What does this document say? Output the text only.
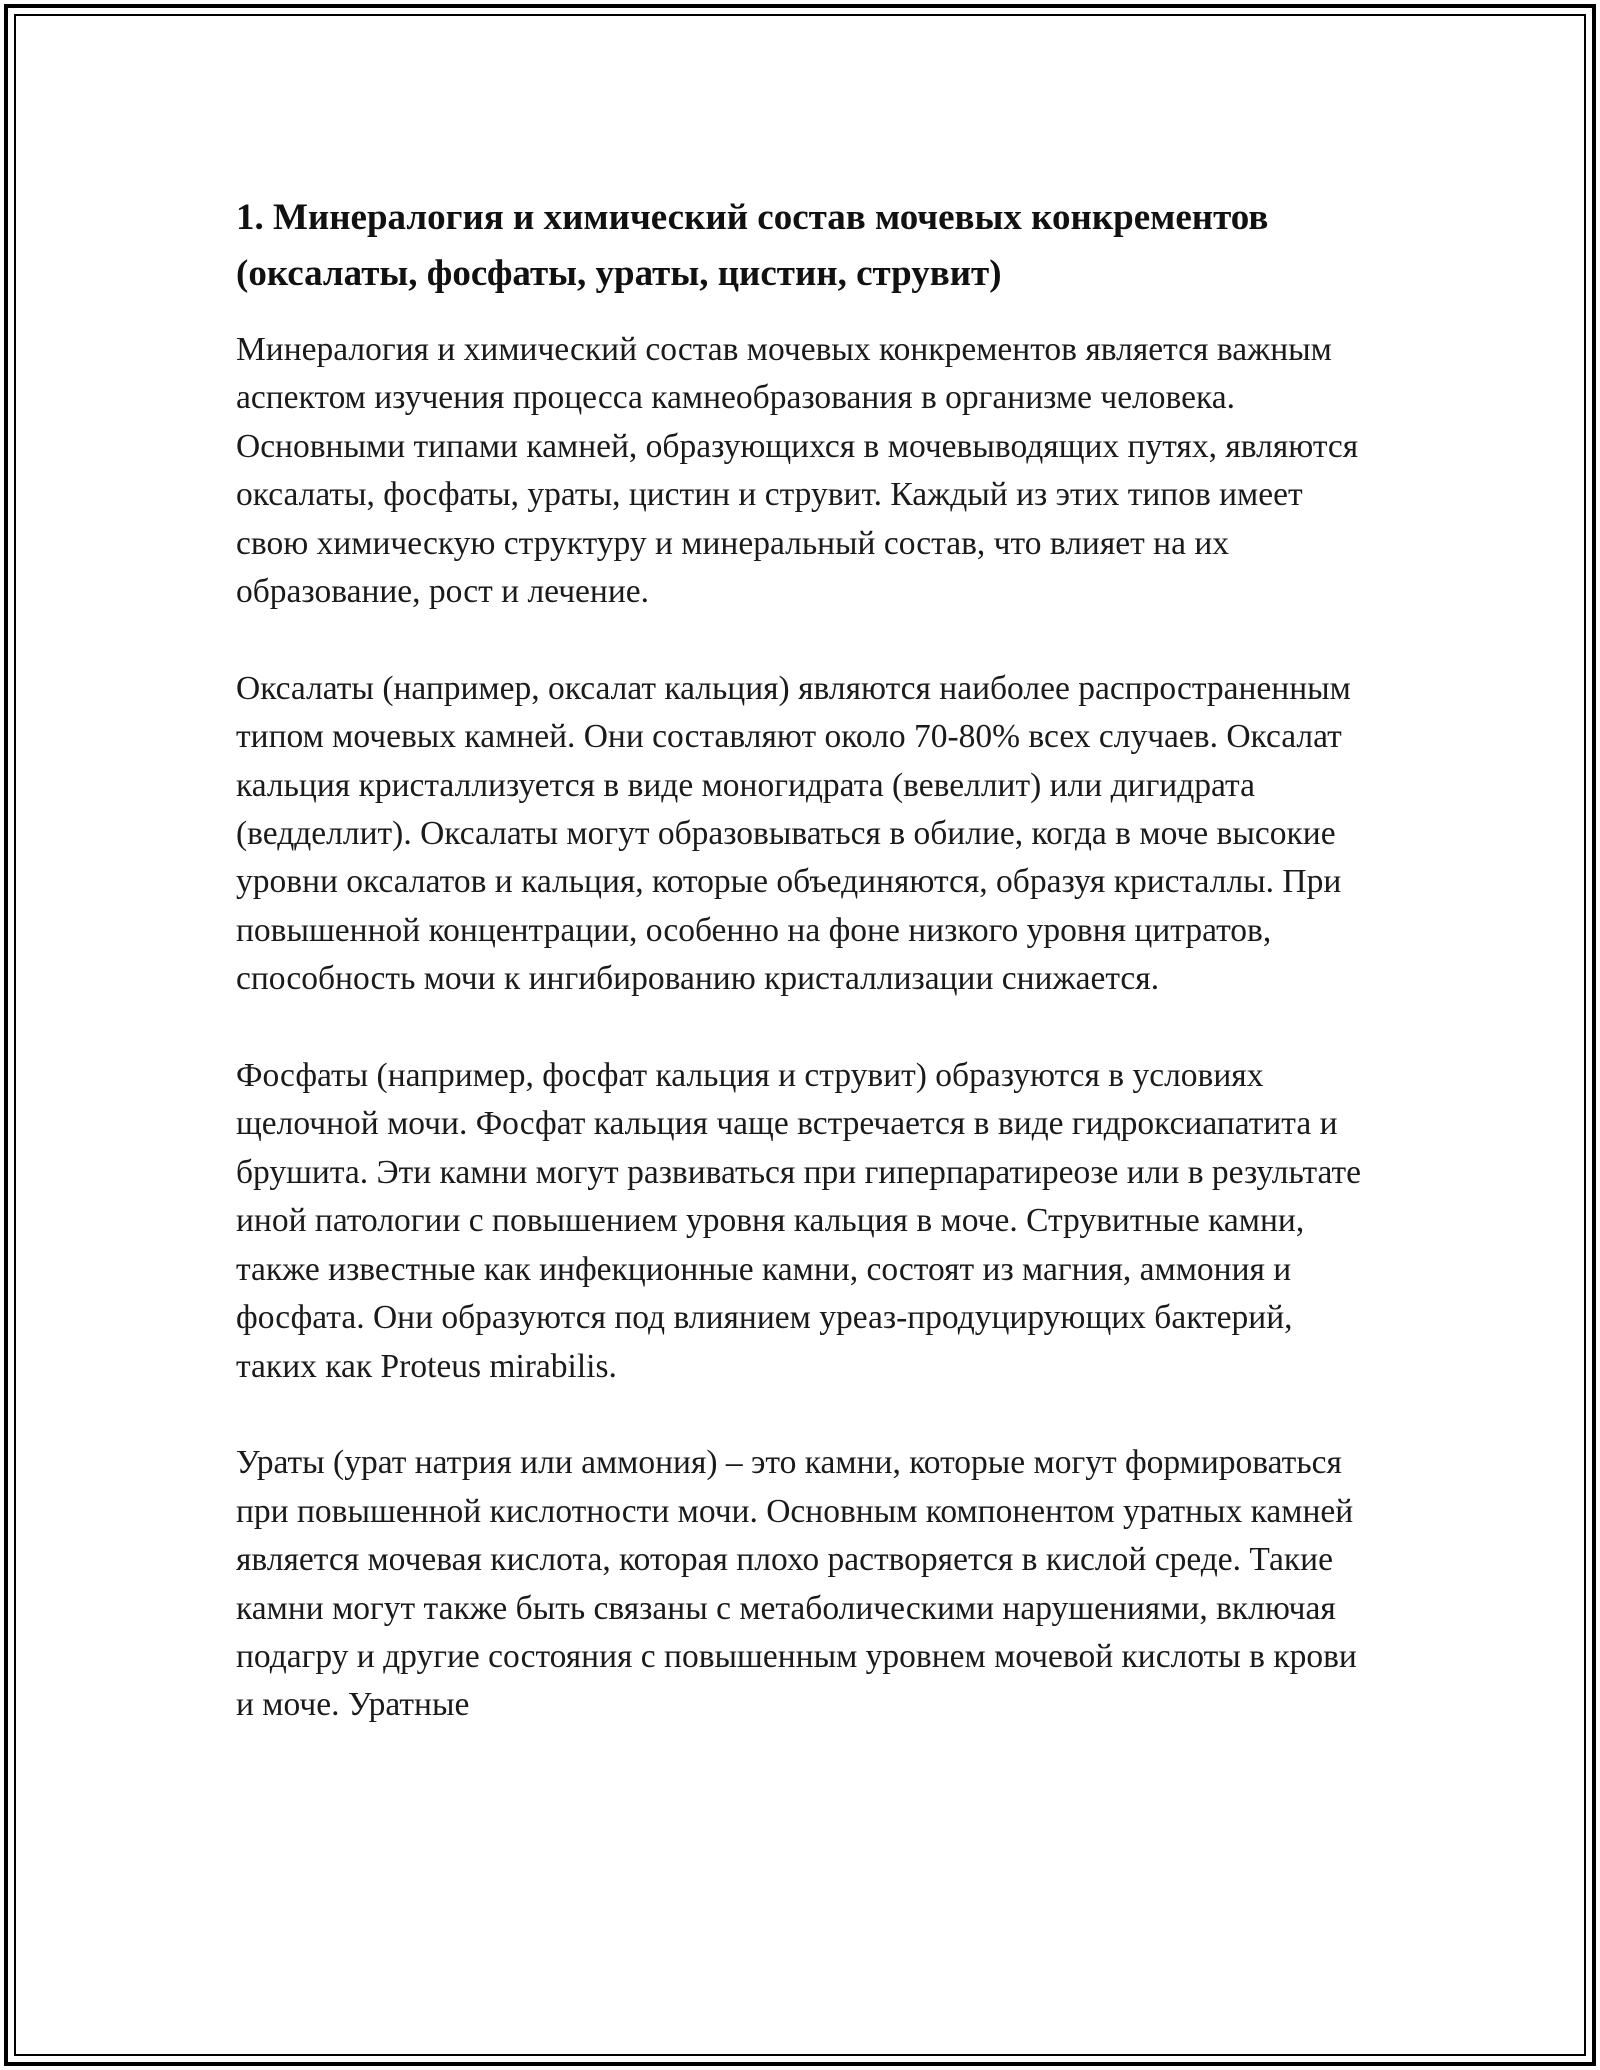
1. Минералогия и химический состав мочевых конкрементов (оксалаты, фосфаты, ураты, цистин, струвит)

Минералогия и химический состав мочевых конкрементов является важным аспектом изучения процесса камнеобразования в организме человека. Основными типами камней, образующихся в мочевыводящих путях, являются оксалаты, фосфаты, ураты, цистин и струвит. Каждый из этих типов имеет свою химическую структуру и минеральный состав, что влияет на их образование, рост и лечение.

Оксалаты (например, оксалат кальция) являются наиболее распространенным типом мочевых камней. Они составляют около 70-80% всех случаев. Оксалат кальция кристаллизуется в виде моногидрата (вевеллит) или дигидрата (ведделлит). Оксалаты могут образовываться в обилие, когда в моче высокие уровни оксалатов и кальция, которые объединяются, образуя кристаллы. При повышенной концентрации, особенно на фоне низкого уровня цитратов, способность мочи к ингибированию кристаллизации снижается.

Фосфаты (например, фосфат кальция и струвит) образуются в условиях щелочной мочи. Фосфат кальция чаще встречается в виде гидроксиапатита и брушита. Эти камни могут развиваться при гиперпаратиреозе или в результате иной патологии с повышением уровня кальция в моче. Струвитные камни, также известные как инфекционные камни, состоят из магния, аммония и фосфата. Они образуются под влиянием уреаз-продуцирующих бактерий, таких как Proteus mirabilis.

Ураты (урат натрия или аммония) – это камни, которые могут формироваться при повышенной кислотности мочи. Основным компонентом уратных камней является мочевая кислота, которая плохо растворяется в кислой среде. Такие камни могут также быть связаны с метаболическими нарушениями, включая подагру и другие состояния с повышенным уровнем мочевой кислоты в крови и моче. Уратные
